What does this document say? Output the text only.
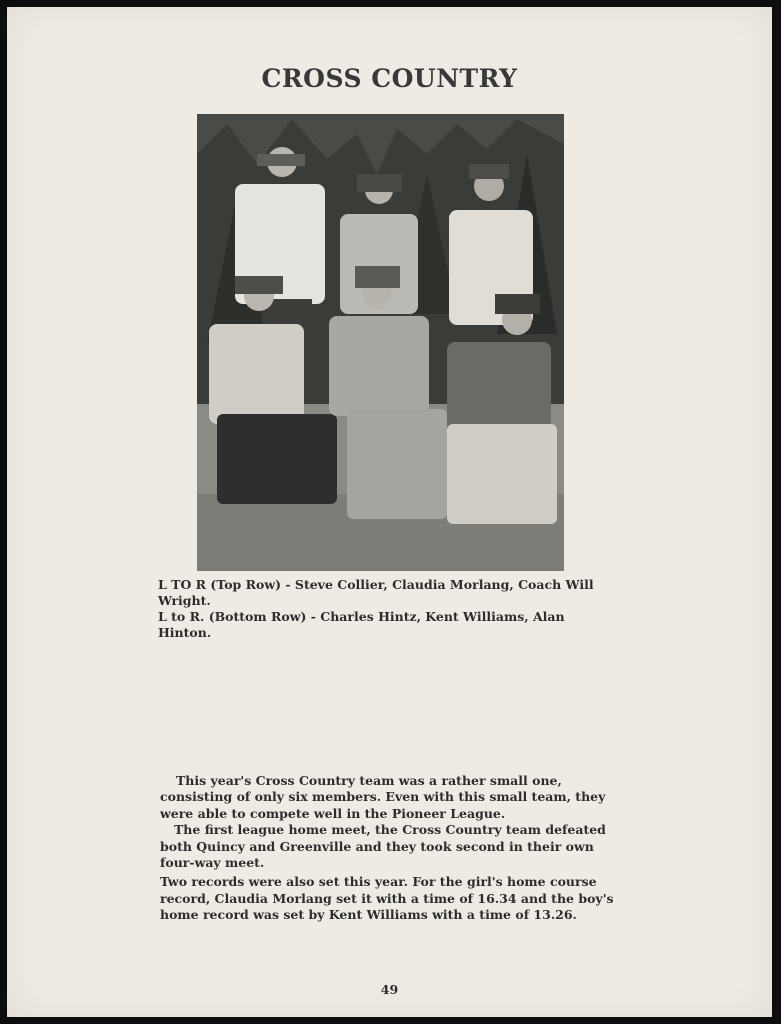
CROSS COUNTRY

L TO R (Top Row) - Steve Collier, Claudia Morlang, Coach Will Wright.

L to R. (Bottom Row) - Charles Hintz, Kent Williams, Alan Hinton.

This year's Cross Country team was a rather small one, consisting of only six members. Even with this small team, they were able to compete well in the Pioneer League.

The first league home meet, the Cross Country team defeated both Quincy and Greenville and they took second in their own four-way meet.

Two records were also set this year. For the girl's home course record, Claudia Morlang set it with a time of 16.34 and the boy's home record was set by Kent Williams with a time of 13.26.

49
